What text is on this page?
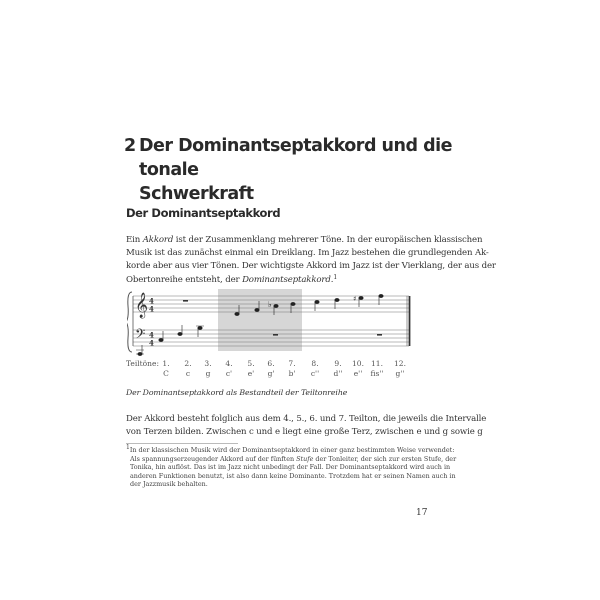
2 Der Dominantseptakkord und die tonale
Schwerkraft
Der Dominantseptakkord
Ein Akkord ist der Zusammenklang mehrerer Töne. In der europäischen klassischen
Musik ist das zunächst einmal ein Dreiklang. Im Jazz bestehen die grundlegenden Ak-
korde aber aus vier Tönen. Der wichtigste Akkord im Jazz ist der Vierklang, der aus der
Obertonreihe entsteht, der Dominantseptakkord.$^1$
𝄞
𝄢
4
4
4
4
♭
♯
Teiltöne: 1.
C
2.
c
3.
g
4.
c'
5.
e'
6.
g'
7.
b'
8.
c''
9.
d''
10.
e''
11.
fis''
12.
g''
Der Dominantseptakkord als Bestandteil der Teiltonreihe
Der Akkord besteht folglich aus dem 4., 5., 6. und 7. Teilton, die jeweils die Intervalle
von Terzen bilden. Zwischen c und e liegt eine große Terz, zwischen e und g sowie g
$^1$In der klassischen Musik wird der Dominantseptakkord in einer ganz bestimmten Weise verwendet:
Als spannungserzeugender Akkord auf der fünften Stufe der Tonleiter, der sich zur ersten Stufe, der
Tonika, hin auflöst. Das ist im Jazz nicht unbedingt der Fall. Der Dominantseptakkord wird auch in
anderen Funktionen benutzt, ist also dann keine Dominante. Trotzdem hat er seinen Namen auch in
der Jazzmusik behalten.
17
